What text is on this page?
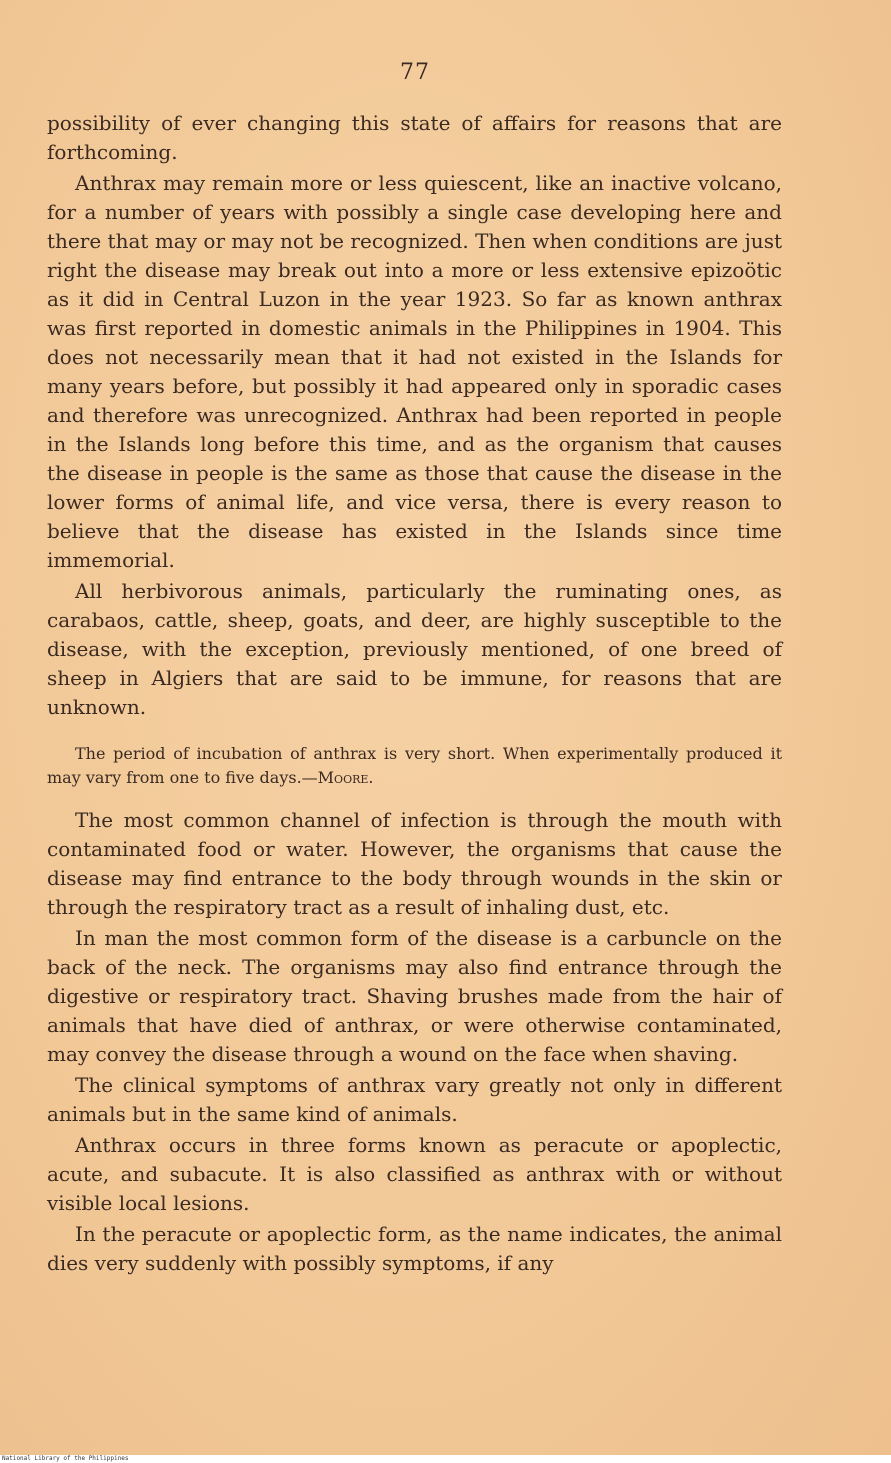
77

possibility of ever changing this state of affairs for reasons that are forthcoming.

Anthrax may remain more or less quiescent, like an inactive volcano, for a number of years with possibly a single case developing here and there that may or may not be recognized. Then when conditions are just right the disease may break out into a more or less extensive epizoötic as it did in Central Luzon in the year 1923. So far as known anthrax was first reported in domestic animals in the Philippines in 1904. This does not necessarily mean that it had not existed in the Islands for many years before, but possibly it had appeared only in sporadic cases and therefore was unrecognized. Anthrax had been reported in people in the Islands long before this time, and as the organism that causes the disease in people is the same as those that cause the disease in the lower forms of animal life, and vice versa, there is every reason to believe that the disease has existed in the Islands since time immemorial.

All herbivorous animals, particularly the ruminating ones, as carabaos, cattle, sheep, goats, and deer, are highly susceptible to the disease, with the exception, previously mentioned, of one breed of sheep in Algiers that are said to be immune, for reasons that are unknown.

The period of incubation of anthrax is very short. When experimentally produced it may vary from one to five days.—Moore.

The most common channel of infection is through the mouth with contaminated food or water. However, the organisms that cause the disease may find entrance to the body through wounds in the skin or through the respiratory tract as a result of inhaling dust, etc.

In man the most common form of the disease is a carbuncle on the back of the neck. The organisms may also find entrance through the digestive or respiratory tract. Shaving brushes made from the hair of animals that have died of anthrax, or were otherwise contaminated, may convey the disease through a wound on the face when shaving.

The clinical symptoms of anthrax vary greatly not only in different animals but in the same kind of animals.

Anthrax occurs in three forms known as peracute or apoplectic, acute, and subacute. It is also classified as anthrax with or without visible local lesions.

In the peracute or apoplectic form, as the name indicates, the animal dies very suddenly with possibly symptoms, if any

National Library of the Philippines
